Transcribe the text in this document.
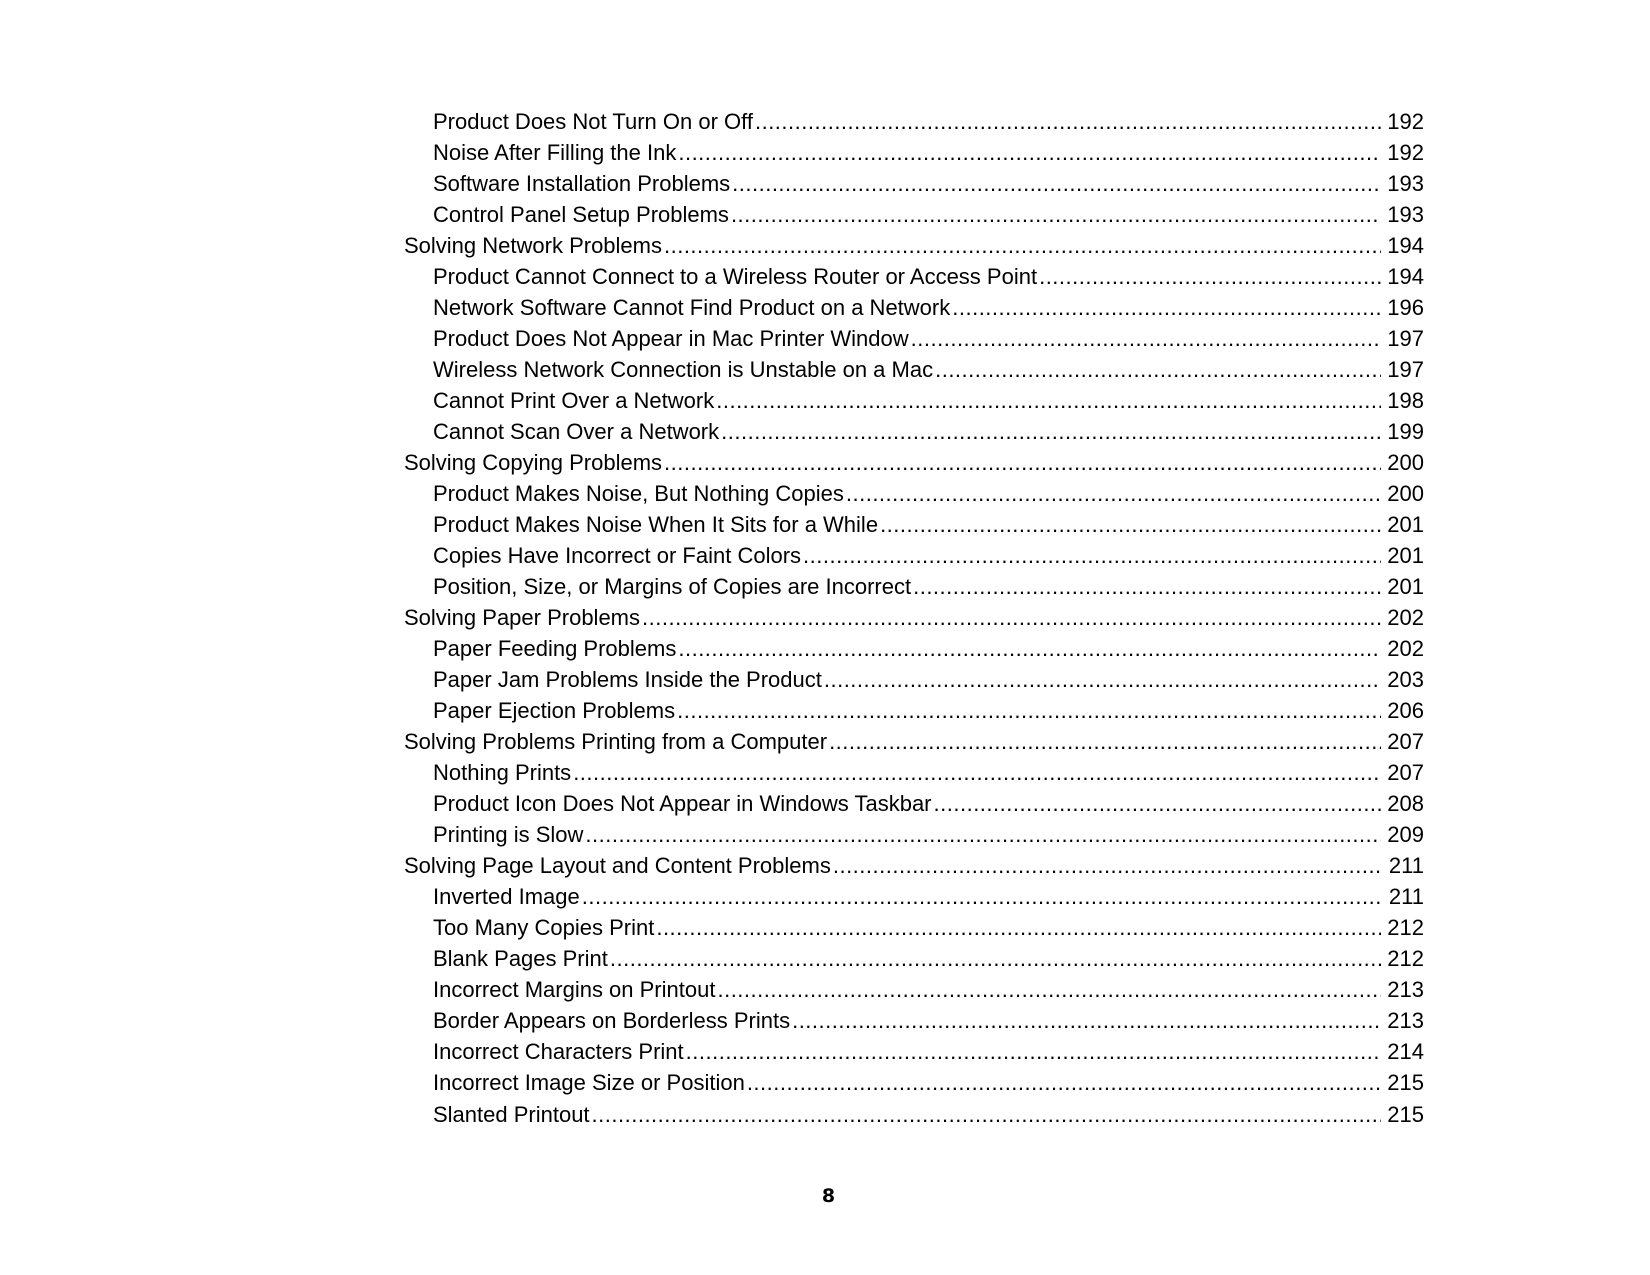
Product Does Not Turn On or Off .....	192
Noise After Filling the Ink .....	192
Software Installation Problems .....	193
Control Panel Setup Problems .....	193
Solving Network Problems .....	194
Product Cannot Connect to a Wireless Router or Access Point .....	194
Network Software Cannot Find Product on a Network .....	196
Product Does Not Appear in Mac Printer Window .....	197
Wireless Network Connection is Unstable on a Mac .....	197
Cannot Print Over a Network .....	198
Cannot Scan Over a Network .....	199
Solving Copying Problems .....	200
Product Makes Noise, But Nothing Copies .....	200
Product Makes Noise When It Sits for a While .....	201
Copies Have Incorrect or Faint Colors .....	201
Position, Size, or Margins of Copies are Incorrect .....	201
Solving Paper Problems .....	202
Paper Feeding Problems .....	202
Paper Jam Problems Inside the Product .....	203
Paper Ejection Problems .....	206
Solving Problems Printing from a Computer .....	207
Nothing Prints .....	207
Product Icon Does Not Appear in Windows Taskbar .....	208
Printing is Slow .....	209
Solving Page Layout and Content Problems .....	211
Inverted Image .....	211
Too Many Copies Print .....	212
Blank Pages Print .....	212
Incorrect Margins on Printout .....	213
Border Appears on Borderless Prints .....	213
Incorrect Characters Print .....	214
Incorrect Image Size or Position .....	215
Slanted Printout .....	215
8
